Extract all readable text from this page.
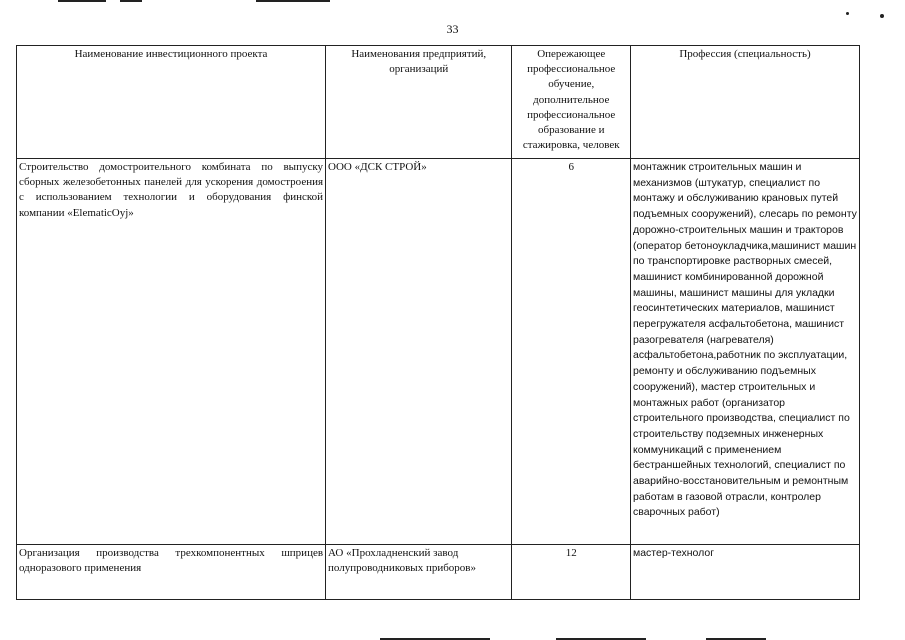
33
Наименование инвестиционного проекта	Наименования предприятий, организаций	Опережающее профессиональное обучение, дополнительное профессиональное образование и стажировка, человек	Профессия (специальность)
Строительство домостроительного комбината по выпуску сборных железобетонных панелей для ускорения домостроения с использованием технологии и оборудования финской компании «ElematicOyj»	ООО «ДСК СТРОЙ»	6	монтажник строительных машин и механизмов (штукатур, специалист по монтажу и обслуживанию крановых путей подъемных сооружений), слесарь по ремонту дорожно-строительных машин и тракторов (оператор бетоноукладчика,машинист машин по транспортировке растворных смесей, машинист комбинированной дорожной машины, машинист машины для укладки геосинтетических материалов, машинист перегружателя асфальтобетона, машинист разогревателя (нагревателя) асфальтобетона,работник по эксплуатации, ремонту и обслуживанию подъемных сооружений), мастер строительных и монтажных работ (организатор строительного производства, специалист по строительству подземных инженерных коммуникаций с применением бестраншейных технологий, специалист по аварийно-восстановительным и ремонтным работам в газовой отрасли, контролер сварочных работ)
Организация производства трехкомпонентных шприцев одноразового применения	АО «Прохладненский завод полупроводниковых приборов»	12	мастер-технолог
